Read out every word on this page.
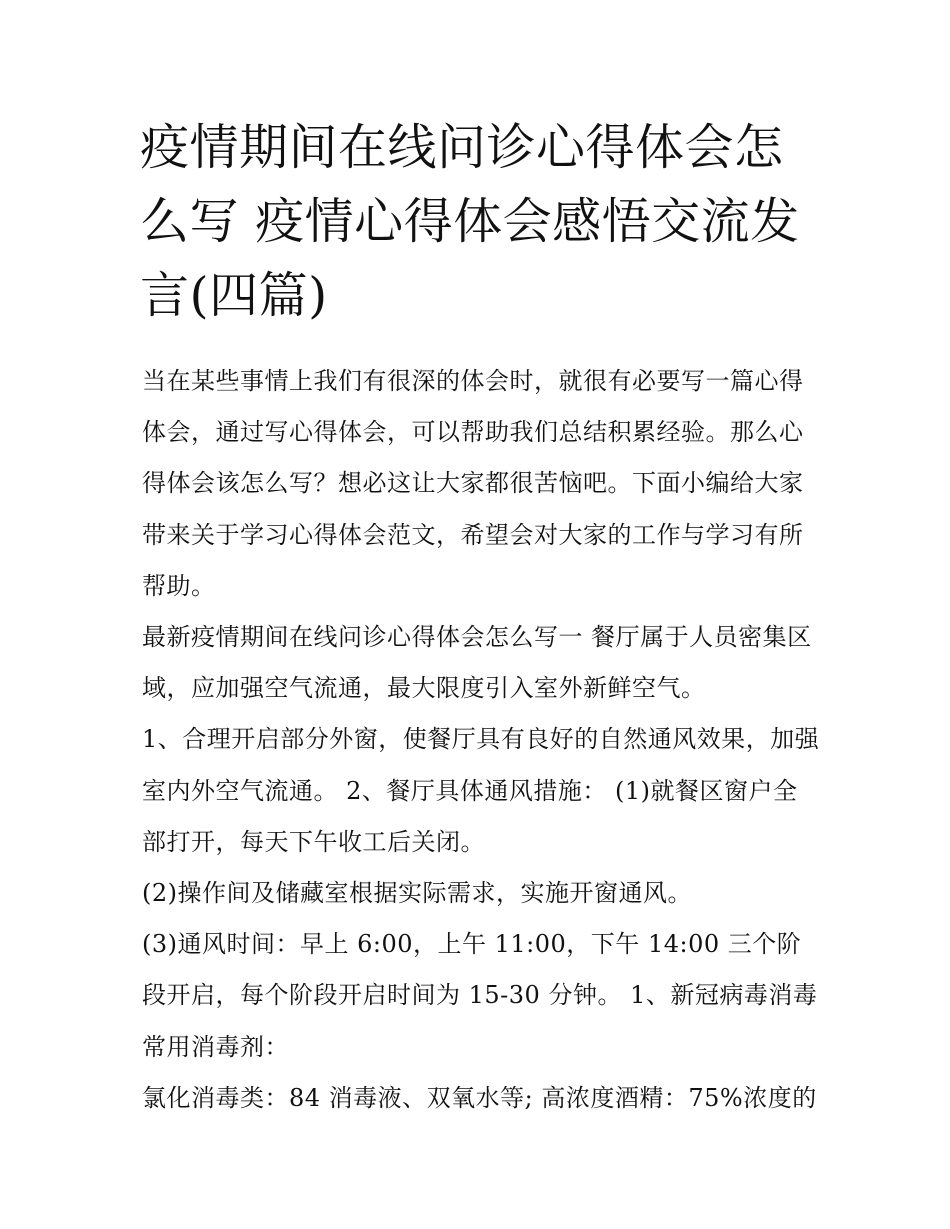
疫情期间在线问诊心得体会怎么写 疫情心得体会感悟交流发言(四篇)

当在某些事情上我们有很深的体会时，就很有必要写一篇心得体会，通过写心得体会，可以帮助我们总结积累经验。那么心得体会该怎么写？想必这让大家都很苦恼吧。下面小编给大家带来关于学习心得体会范文，希望会对大家的工作与学习有所帮助。

最新疫情期间在线问诊心得体会怎么写一 餐厅属于人员密集区域，应加强空气流通，最大限度引入室外新鲜空气。

1、合理开启部分外窗，使餐厅具有良好的自然通风效果，加强室内外空气流通。 2、餐厅具体通风措施： (1)就餐区窗户全部打开，每天下午收工后关闭。

(2)操作间及储藏室根据实际需求，实施开窗通风。

(3)通风时间：早上 6:00，上午 11:00，下午 14:00 三个阶段开启，每个阶段开启时间为 15-30 分钟。 1、新冠病毒消毒常用消毒剂：

氯化消毒类：84 消毒液、双氧水等; 高浓度酒精：75%浓度的
